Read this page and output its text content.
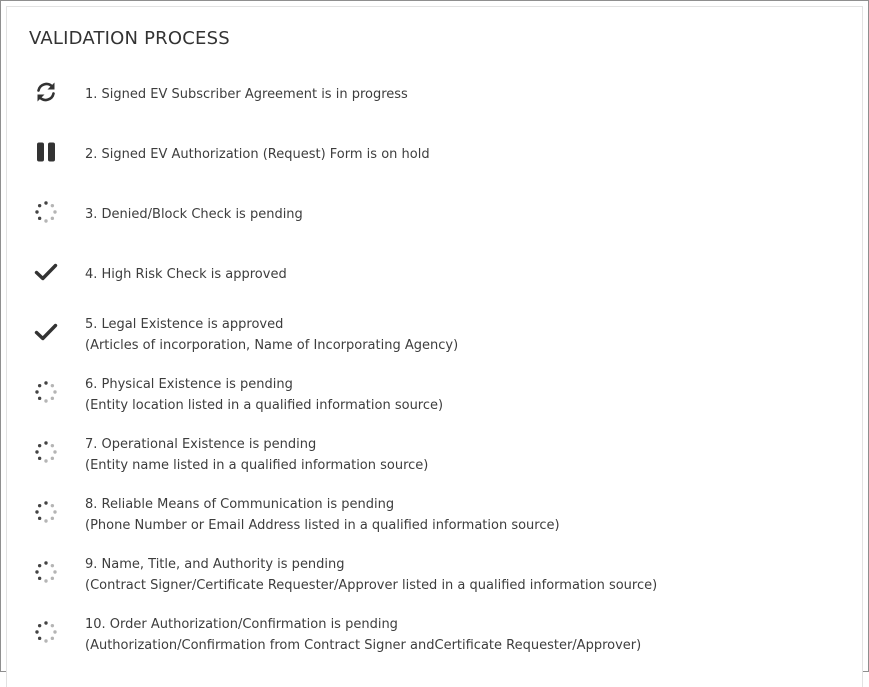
VALIDATION PROCESS
1. Signed EV Subscriber Agreement is in progress
2. Signed EV Authorization (Request) Form is on hold
3. Denied/Block Check is pending
4. High Risk Check is approved
5. Legal Existence is approved
(Articles of incorporation, Name of Incorporating Agency)
6. Physical Existence is pending
(Entity location listed in a qualified information source)
7. Operational Existence is pending
(Entity name listed in a qualified information source)
8. Reliable Means of Communication is pending
(Phone Number or Email Address listed in a qualified information source)
9. Name, Title, and Authority is pending
(Contract Signer/Certificate Requester/Approver listed in a qualified information source)
10. Order Authorization/Confirmation is pending
(Authorization/Confirmation from Contract Signer andCertificate Requester/Approver)
